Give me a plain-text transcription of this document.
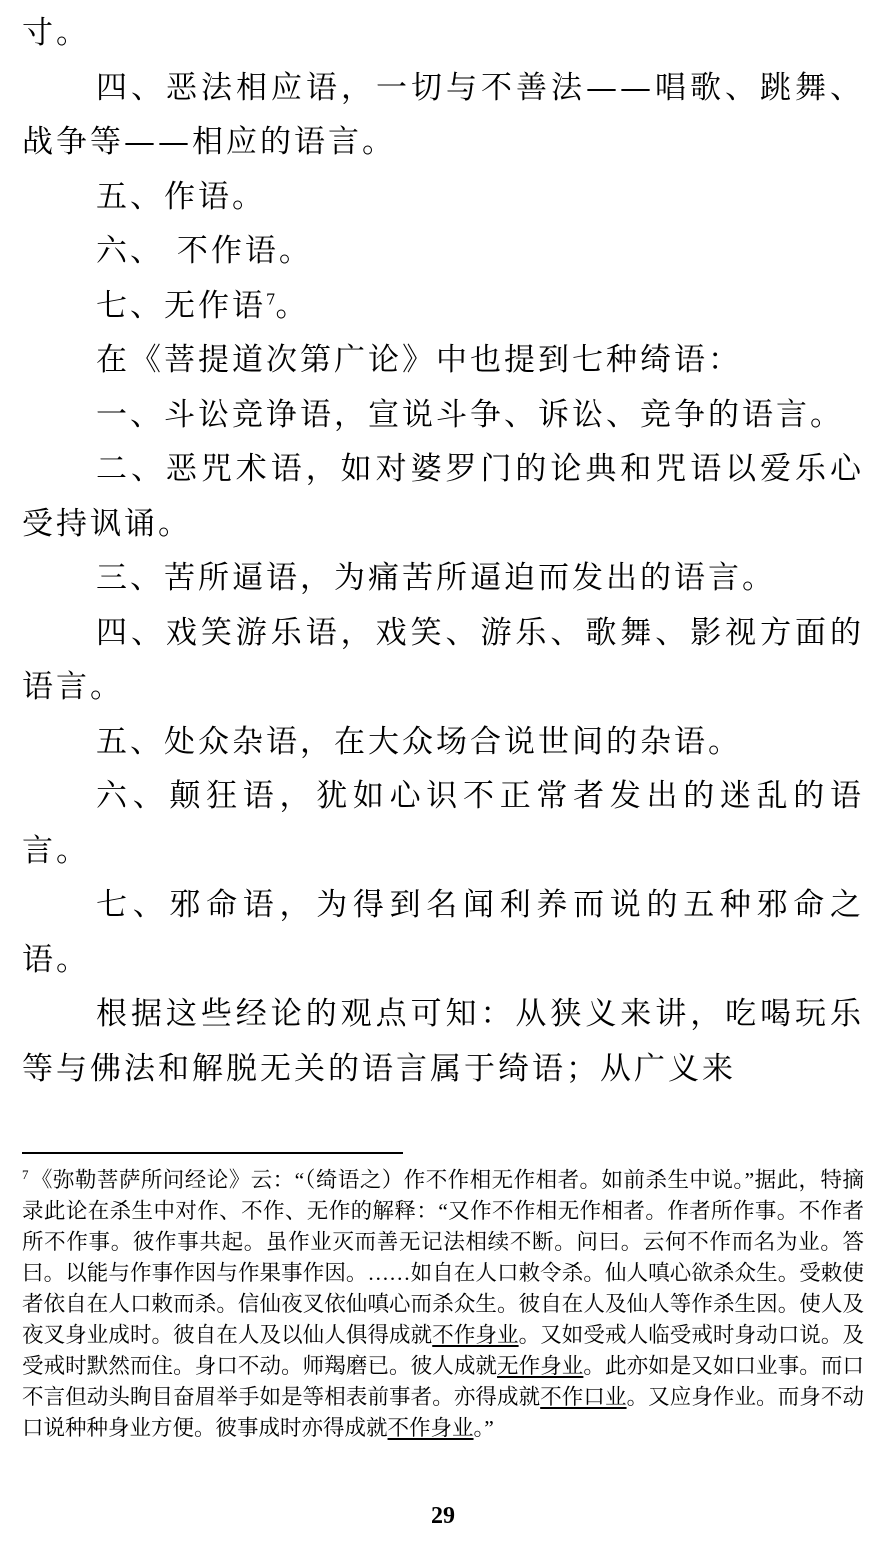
寸。

四、恶法相应语，一切与不善法——唱歌、跳舞、战争等——相应的语言。

五、作语。

六、 不作语。

七、无作语$^7$。

在《菩提道次第广论》中也提到七种绮语：

一、斗讼竞诤语，宣说斗争、诉讼、竞争的语言。

二、恶咒术语，如对婆罗门的论典和咒语以爱乐心受持讽诵。

三、苦所逼语，为痛苦所逼迫而发出的语言。

四、戏笑游乐语，戏笑、游乐、歌舞、影视方面的语言。

五、处众杂语，在大众场合说世间的杂语。

六、颠狂语，犹如心识不正常者发出的迷乱的语言。

七、邪命语，为得到名闻利养而说的五种邪命之语。

根据这些经论的观点可知：从狭义来讲，吃喝玩乐等与佛法和解脱无关的语言属于绮语；从广义来

$^7$《弥勒菩萨所问经论》云：“（绮语之）作不作相无作相者。如前杀生中说。”据此，特摘录此论在杀生中对作、不作、无作的解释：“又作不作相无作相者。作者所作事。不作者所不作事。彼作事共起。虽作业灭而善无记法相续不断。问曰。云何不作而名为业。答曰。以能与作事作因与作果事作因。……如自在人口敕令杀。仙人嗔心欲杀众生。受敕使者依自在人口敕而杀。信仙夜叉依仙嗔心而杀众生。彼自在人及仙人等作杀生因。使人及夜叉身业成时。彼自在人及以仙人俱得成就不作身业。又如受戒人临受戒时身动口说。及受戒时默然而住。身口不动。师羯磨已。彼人成就无作身业。此亦如是又如口业事。而口不言但动头眴目奋眉举手如是等相表前事者。亦得成就不作口业。又应身作业。而身不动口说种种身业方便。彼事成时亦得成就不作身业。”
29
